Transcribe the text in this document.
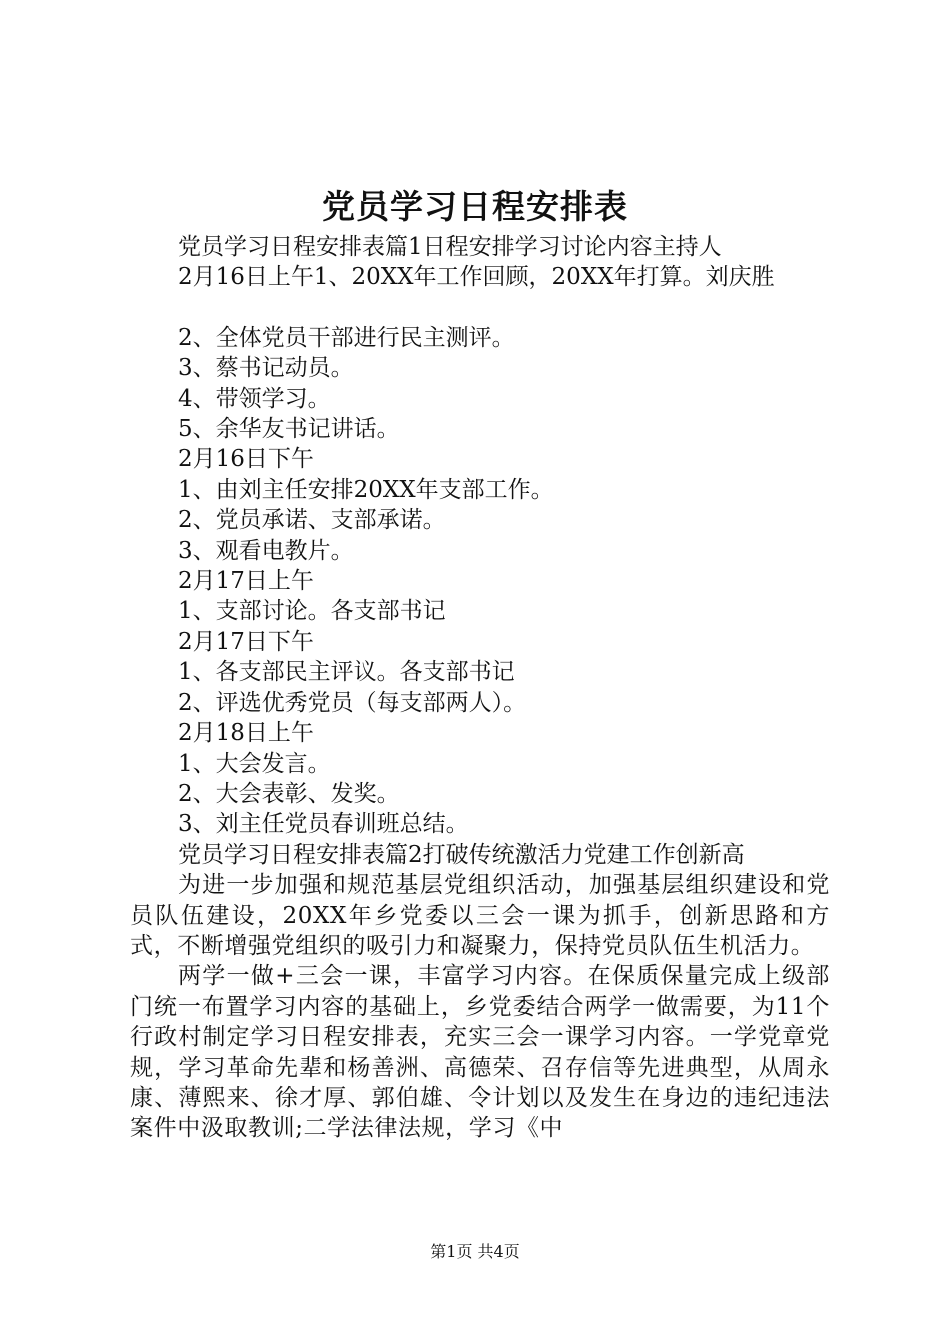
党员学习日程安排表

党员学习日程安排表篇1日程安排学习讨论内容主持人

2月16日上午1、20XX年工作回顾，20XX年打算。刘庆胜

2、全体党员干部进行民主测评。

3、蔡书记动员。

4、带领学习。

5、余华友书记讲话。

2月16日下午

1、由刘主任安排20XX年支部工作。

2、党员承诺、支部承诺。

3、观看电教片。

2月17日上午

1、支部讨论。各支部书记

2月17日下午

1、各支部民主评议。各支部书记

2、评选优秀党员（每支部两人）。

2月18日上午

1、大会发言。

2、大会表彰、发奖。

3、刘主任党员春训班总结。

党员学习日程安排表篇2打破传统激活力党建工作创新高

为进一步加强和规范基层党组织活动，加强基层组织建设和党员队伍建设，20XX年乡党委以三会一课为抓手，创新思路和方式，不断增强党组织的吸引力和凝聚力，保持党员队伍生机活力。

两学一做+三会一课，丰富学习内容。在保质保量完成上级部门统一布置学习内容的基础上，乡党委结合两学一做需要，为11个行政村制定学习日程安排表，充实三会一课学习内容。一学党章党规，学习革命先辈和杨善洲、高德荣、召存信等先进典型，从周永康、薄熙来、徐才厚、郭伯雄、令计划以及发生在身边的违纪违法案件中汲取教训;二学法律法规，学习《中

第1页 共4页
